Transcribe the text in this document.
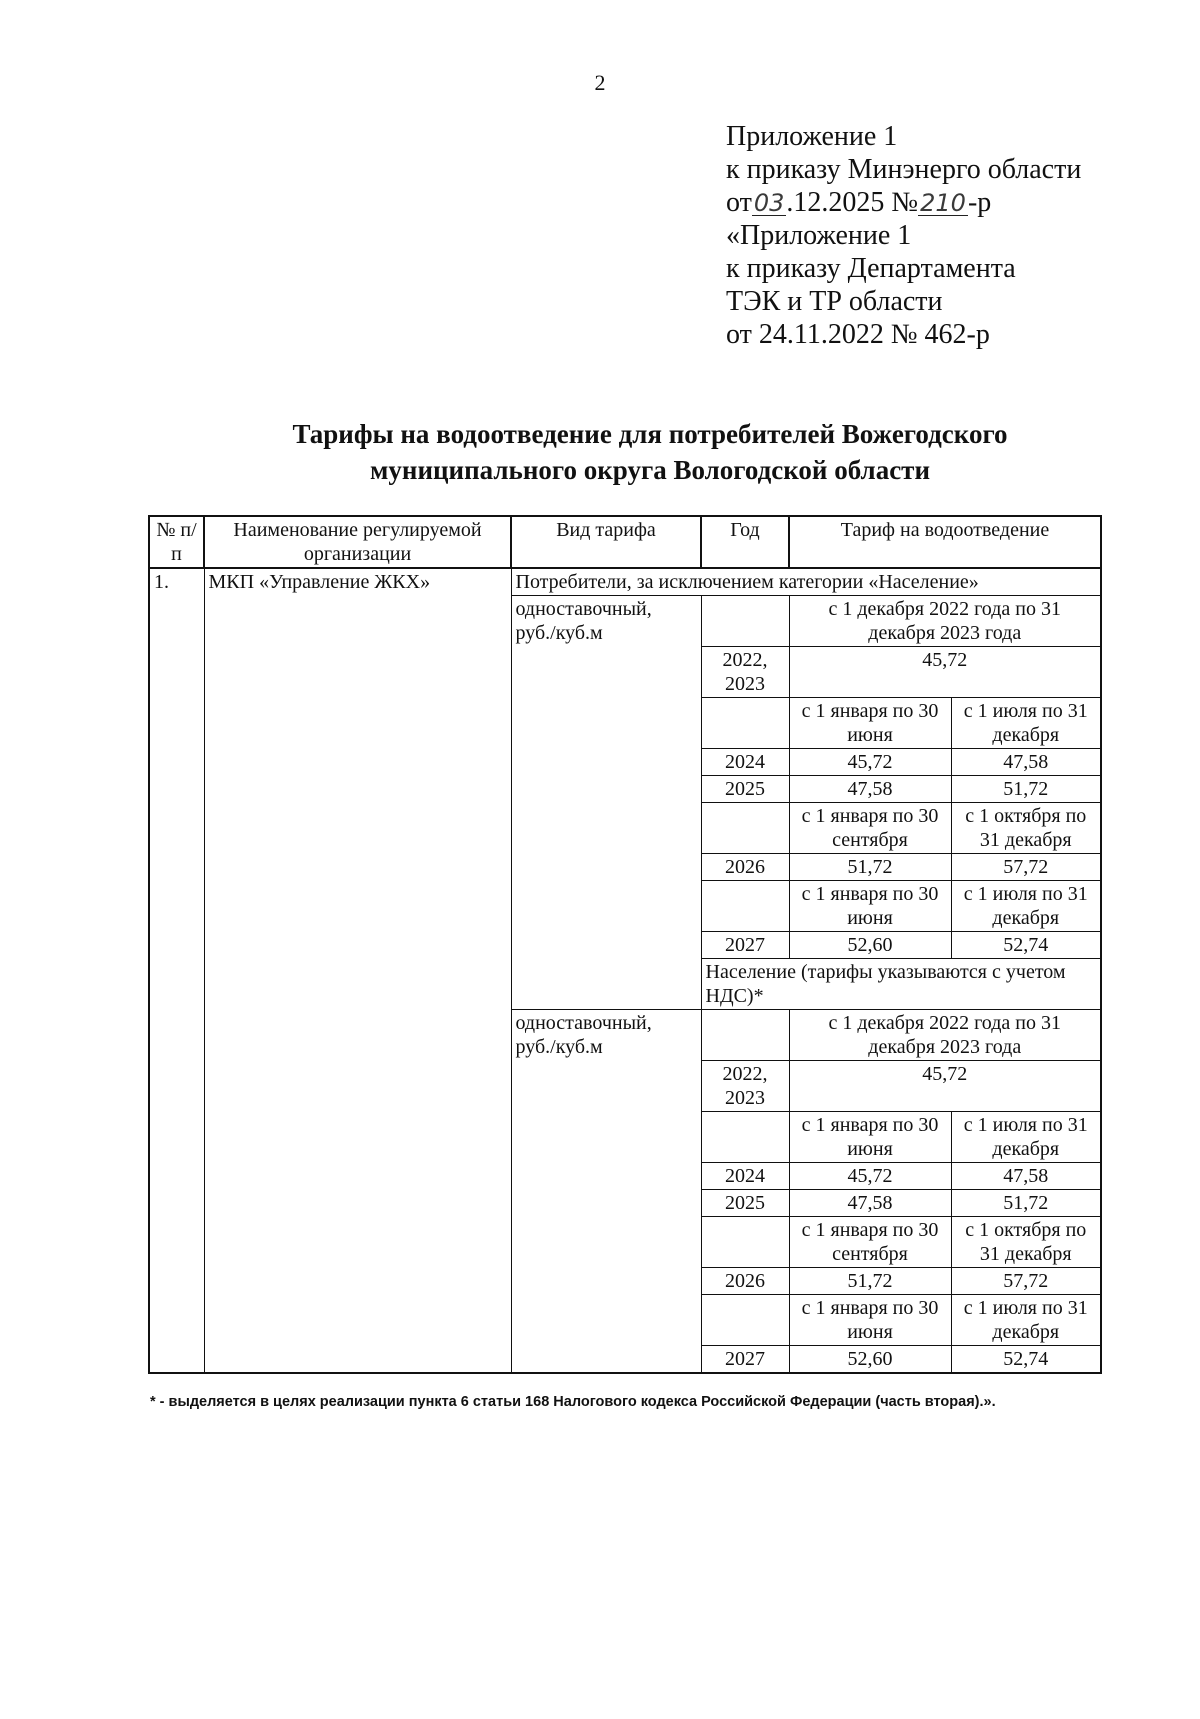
2
Приложение 1
к приказу Минэнерго области
от03.12.2025 №210-р
«Приложение 1
к приказу Департамента
ТЭК и ТР области
от 24.11.2022 № 462-р
Тарифы на водоотведение для потребителей Вожегодского
муниципального округа Вологодской области
№ п/п	Наименование регулируемой организации	Вид тарифа	Год	Тариф на водоотведение	
1.	МКП «Управление ЖКХ»	Потребители, за исключением категории «Население»			
		одноставочный, руб./куб.м		с 1 декабря 2022 года по 31 декабря 2023 года	
			2022, 2023	45,72	
				с 1 января по 30 июня	с 1 июля по 31 декабря
			2024	45,72	47,58
			2025	47,58	51,72
				с 1 января по 30 сентября	с 1 октября по 31 декабря
			2026	51,72	57,72
				с 1 января по 30 июня	с 1 июля по 31 декабря
			2027	52,60	52,74
			Население (тарифы указываются с учетом НДС)*		
		одноставочный, руб./куб.м		с 1 декабря 2022 года по 31 декабря 2023 года	
			2022, 2023	45,72	
				с 1 января по 30 июня	с 1 июля по 31 декабря
			2024	45,72	47,58
			2025	47,58	51,72
				с 1 января по 30 сентября	с 1 октября по 31 декабря
			2026	51,72	57,72
				с 1 января по 30 июня	с 1 июля по 31 декабря
			2027	52,60	52,74
* - выделяется в целях реализации пункта 6 статьи 168 Налогового кодекса Российской Федерации (часть вторая).».
